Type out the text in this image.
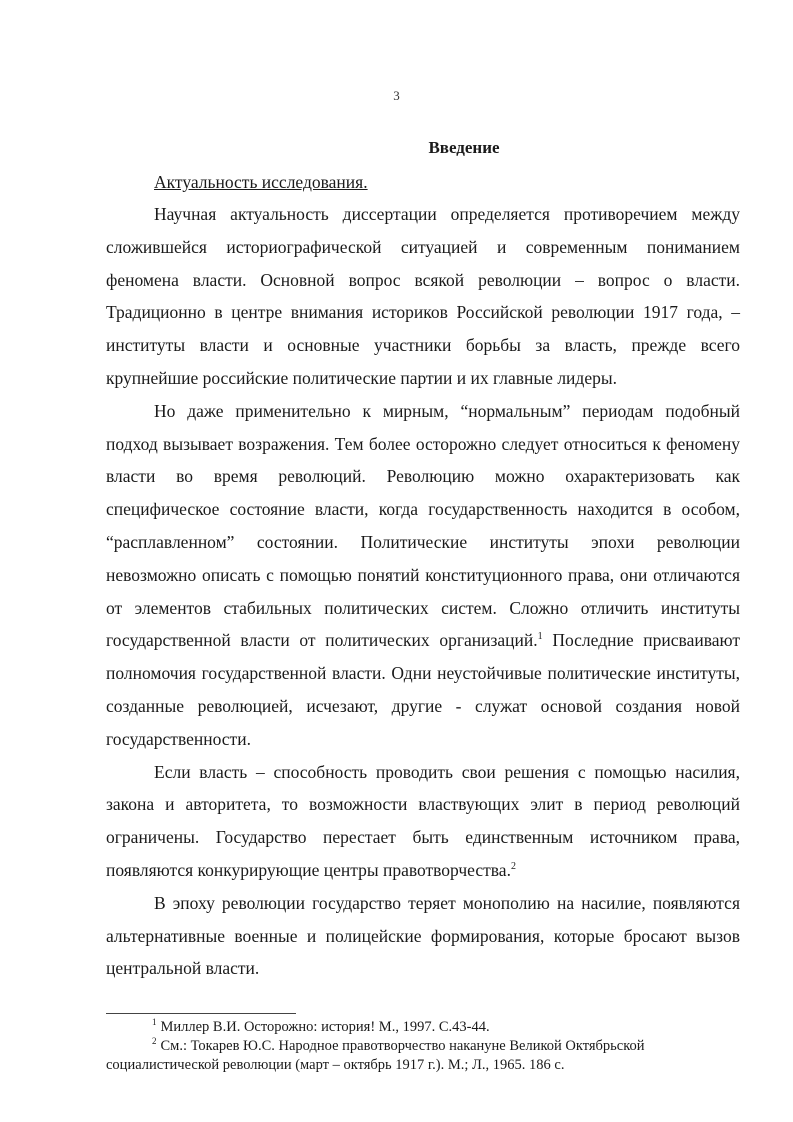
3
Введение

Актуальность исследования.

Научная актуальность диссертации определяется противоречием между сложившейся историографической ситуацией и современным пониманием феномена власти. Основной вопрос всякой революции – вопрос о власти. Традиционно в центре внимания историков Российской революции 1917 года, – институты власти и основные участники борьбы за власть, прежде всего крупнейшие российские политические партии и их главные лидеры.

Но даже применительно к мирным, “нормальным” периодам подобный подход вызывает возражения. Тем более осторожно следует относиться к феномену власти во время революций. Революцию можно охарактеризовать как специфическое состояние власти, когда государственность находится в особом, “расплавленном” состоянии. Политические институты эпохи революции невозможно описать с помощью понятий конституционного права, они отличаются от элементов стабильных политических систем. Сложно отличить институты государственной власти от политических организаций.$^1$ Последние присваивают полномочия государственной власти. Одни неустойчивые политические институты, созданные революцией, исчезают, другие - служат основой создания новой государственности.

Если власть – способность проводить свои решения с помощью насилия, закона и авторитета, то возможности властвующих элит в период революций ограничены. Государство перестает быть единственным источником права, появляются конкурирующие центры правотворчества.$^2$

В эпоху революции государство теряет монополию на насилие, появляются альтернативные военные и полицейские формирования, которые бросают вызов центральной власти.

$^1$ Миллер В.И. Осторожно: история! М., 1997. С.43-44.

$^2$ См.: Токарев Ю.С. Народное правотворчество накануне Великой Октябрьской социалистической революции (март – октябрь 1917 г.). М.; Л., 1965. 186 с.
